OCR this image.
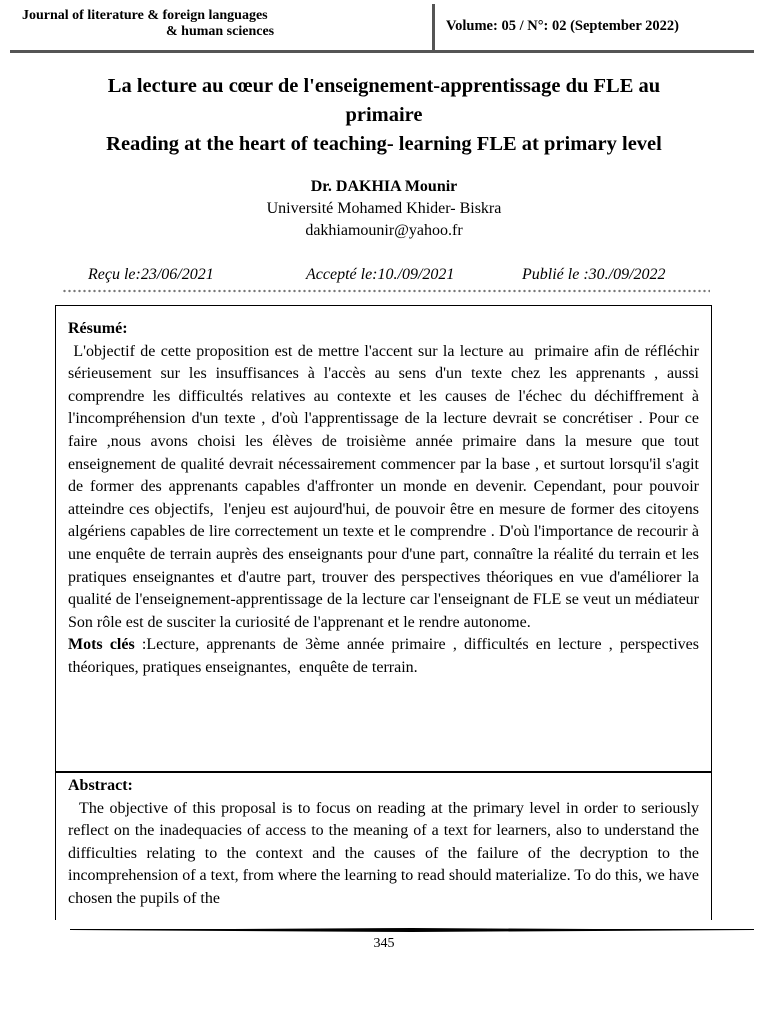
Journal of literature & foreign languages
& human sciences	Volume: 05 / N°: 02 (September 2022)
La lecture au cœur de l'enseignement-apprentissage du FLE au
primaire
Reading at the heart of teaching- learning FLE at primary level
Dr. DAKHIA Mounir
Université Mohamed Khider- Biskra
dakhiamounir@yahoo.fr
Reçu le:23/06/2021	Accepté le:10./09/2021	Publié le :30./09/2022
Résumé:
L'objectif de cette proposition est de mettre l'accent sur la lecture au  primaire afin de réfléchir sérieusement sur les insuffisances à l'accès au sens d'un texte chez les apprenants , aussi  comprendre les difficultés relatives au contexte et les causes de l'échec du déchiffrement à l'incompréhension d'un texte , d'où l'apprentissage de la lecture devrait se concrétiser . Pour ce faire ,nous avons choisi les élèves de troisième année primaire dans la mesure que tout enseignement de qualité devrait nécessairement commencer par la base , et surtout lorsqu'il s'agit de former des apprenants capables d'affronter un monde en devenir. Cependant, pour pouvoir atteindre ces objectifs,  l'enjeu est aujourd'hui, de pouvoir être en mesure de former des citoyens algériens capables de lire correctement un texte et le comprendre . D'où l'importance de recourir à une enquête de terrain auprès des enseignants pour d'une part, connaître la réalité du terrain et les pratiques enseignantes et d'autre part, trouver des perspectives théoriques en vue d'améliorer la qualité de l'enseignement-apprentissage de la lecture car l'enseignant de FLE se veut un médiateur Son rôle est de susciter la curiosité de l'apprenant et le rendre autonome.
Mots clés :Lecture, apprenants de 3ème année primaire , difficultés en lecture , perspectives théoriques, pratiques enseignantes,  enquête de terrain.
Abstract:
The objective of this proposal is to focus on reading at the primary level in order to seriously reflect on the inadequacies of access to the meaning of a text for learners, also to understand the difficulties relating to the context and the causes of the failure of the decryption to the incomprehension of a text, from where the learning to read should materialize. To do this, we have chosen the pupils of the
345
